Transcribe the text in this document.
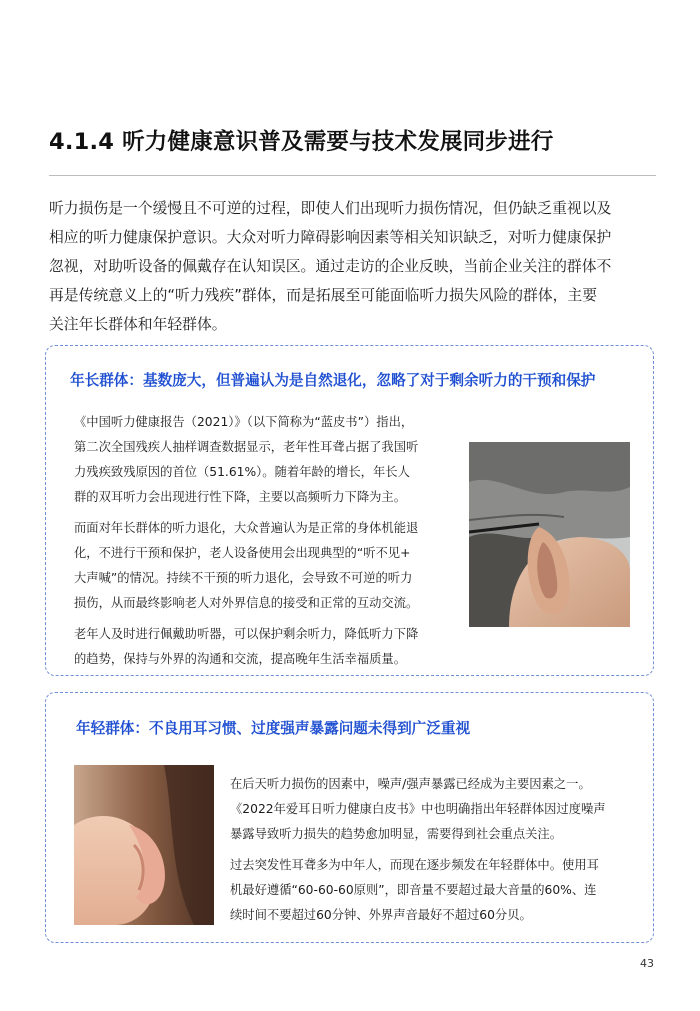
4.1.4 听力健康意识普及需要与技术发展同步进行
听力损伤是一个缓慢且不可逆的过程，即使人们出现听力损伤情况，但仍缺乏重视以及
相应的听力健康保护意识。大众对听力障碍影响因素等相关知识缺乏，对听力健康保护
忽视，对助听设备的佩戴存在认知误区。通过走访的企业反映，当前企业关注的群体不
再是传统意义上的“听力残疾”群体，而是拓展至可能面临听力损失风险的群体，主要
关注年长群体和年轻群体。
年长群体：基数庞大，但普遍认为是自然退化，忽略了对于剩余听力的干预和保护

《中国听力健康报告（2021）》（以下简称为“蓝皮书”）指出，
第二次全国残疾人抽样调查数据显示，老年性耳聋占据了我国听
力残疾致残原因的首位（51.61%）。随着年龄的增长，年长人
群的双耳听力会出现进行性下降，主要以高频听力下降为主。

而面对年长群体的听力退化，大众普遍认为是正常的身体机能退
化，不进行干预和保护，老人设备使用会出现典型的“听不见+
大声喊”的情况。持续不干预的听力退化，会导致不可逆的听力
损伤，从而最终影响老人对外界信息的接受和正常的互动交流。

老年人及时进行佩戴助听器，可以保护剩余听力，降低听力下降
的趋势，保持与外界的沟通和交流，提高晚年生活幸福质量。

年轻群体：不良用耳习惯、过度强声暴露问题未得到广泛重视

在后天听力损伤的因素中，噪声/强声暴露已经成为主要因素之一。
《2022年爱耳日听力健康白皮书》中也明确指出年轻群体因过度噪声
暴露导致听力损失的趋势愈加明显，需要得到社会重点关注。

过去突发性耳聋多为中年人，而现在逐步频发在年轻群体中。使用耳
机最好遵循“60-60-60原则”，即音量不要超过最大音量的60%、连
续时间不要超过60分钟、外界声音最好不超过60分贝。

43
